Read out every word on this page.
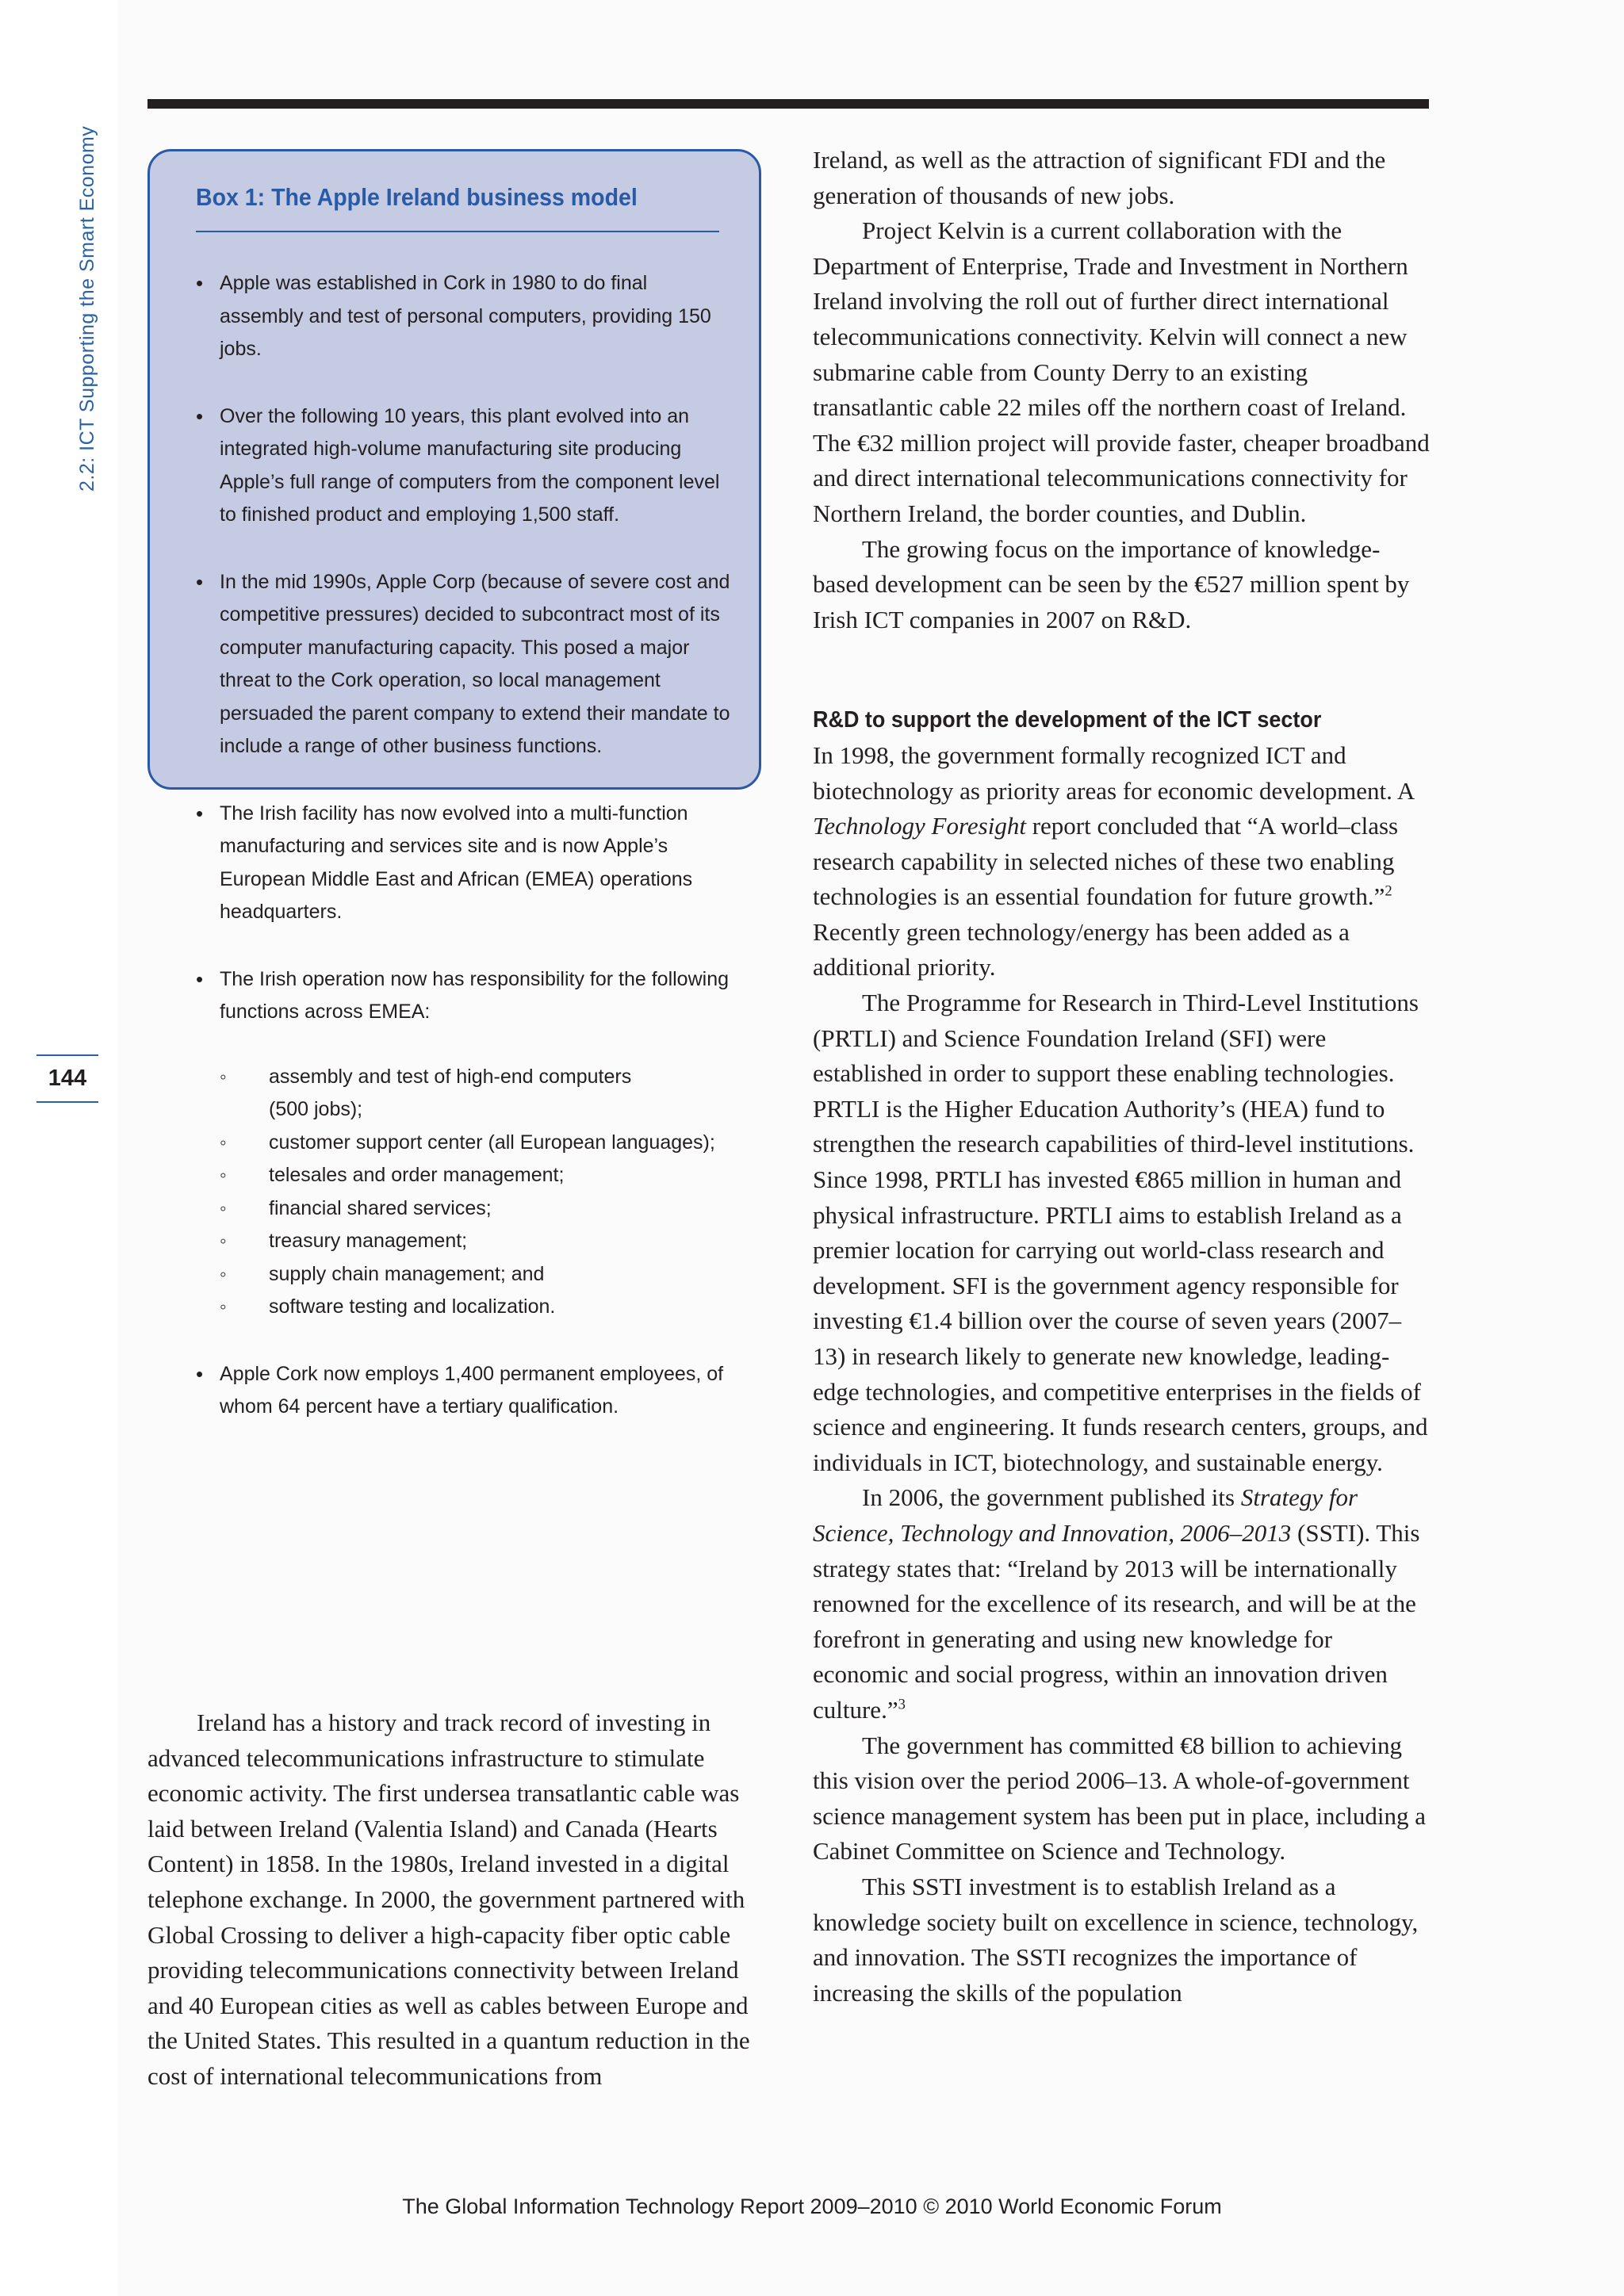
2.2: ICT Supporting the Smart Economy
144
Box 1: The Apple Ireland business model
• Apple was established in Cork in 1980 to do final assembly and test of personal computers, providing 150 jobs.
• Over the following 10 years, this plant evolved into an integrated high-volume manufacturing site producing Apple’s full range of computers from the component level to finished product and employing 1,500 staff.
• In the mid 1990s, Apple Corp (because of severe cost and competitive pressures) decided to subcontract most of its computer manufacturing capacity. This posed a major threat to the Cork operation, so local management persuaded the parent company to extend their mandate to include a range of other business functions.
• The Irish facility has now evolved into a multi-function manufacturing and services site and is now Apple’s European Middle East and African (EMEA) operations headquarters.
• The Irish operation now has responsibility for the following functions across EMEA:
◦ assembly and test of high-end computers (500 jobs);
◦ customer support center (all European languages);
◦ telesales and order management;
◦ financial shared services;
◦ treasury management;
◦ supply chain management; and
◦ software testing and localization.
• Apple Cork now employs 1,400 permanent employees, of whom 64 percent have a tertiary qualification.

Ireland has a history and track record of investing in advanced telecommunications infrastructure to stimulate economic activity. The first undersea transatlantic cable was laid between Ireland (Valentia Island) and Canada (Hearts Content) in 1858. In the 1980s, Ireland invested in a digital telephone exchange. In 2000, the government partnered with Global Crossing to deliver a high-capacity fiber optic cable providing telecommunications connectivity between Ireland and 40 European cities as well as cables between Europe and the United States. This resulted in a quantum reduction in the cost of international telecommunications from

Ireland, as well as the attraction of significant FDI and the generation of thousands of new jobs.

Project Kelvin is a current collaboration with the Department of Enterprise, Trade and Investment in Northern Ireland involving the roll out of further direct international telecommunications connectivity. Kelvin will connect a new submarine cable from County Derry to an existing transatlantic cable 22 miles off the northern coast of Ireland. The €32 million project will provide faster, cheaper broadband and direct international telecommunications connectivity for Northern Ireland, the border counties, and Dublin.

The growing focus on the importance of knowledge-based development can be seen by the €527 million spent by Irish ICT companies in 2007 on R&D.

R&D to support the development of the ICT sector

In 1998, the government formally recognized ICT and biotechnology as priority areas for economic development. A Technology Foresight report concluded that “A world–class research capability in selected niches of these two enabling technologies is an essential foundation for future growth.”$^2$ Recently green technology/energy has been added as a additional priority.

The Programme for Research in Third-Level Institutions (PRTLI) and Science Foundation Ireland (SFI) were established in order to support these enabling technologies. PRTLI is the Higher Education Authority’s (HEA) fund to strengthen the research capabilities of third-level institutions. Since 1998, PRTLI has invested €865 million in human and physical infrastructure. PRTLI aims to establish Ireland as a premier location for carrying out world-class research and development. SFI is the government agency responsible for investing €1.4 billion over the course of seven years (2007–13) in research likely to generate new knowledge, leading-edge technologies, and competitive enterprises in the fields of science and engineering. It funds research centers, groups, and individuals in ICT, biotechnology, and sustainable energy.

In 2006, the government published its Strategy for Science, Technology and Innovation, 2006–2013 (SSTI). This strategy states that: “Ireland by 2013 will be internationally renowned for the excellence of its research, and will be at the forefront in generating and using new knowledge for economic and social progress, within an innovation driven culture.”$^3$

The government has committed €8 billion to achieving this vision over the period 2006–13. A whole-of-government science management system has been put in place, including a Cabinet Committee on Science and Technology.

This SSTI investment is to establish Ireland as a knowledge society built on excellence in science, technology, and innovation. The SSTI recognizes the importance of increasing the skills of the population

The Global Information Technology Report 2009–2010 © 2010 World Economic Forum
